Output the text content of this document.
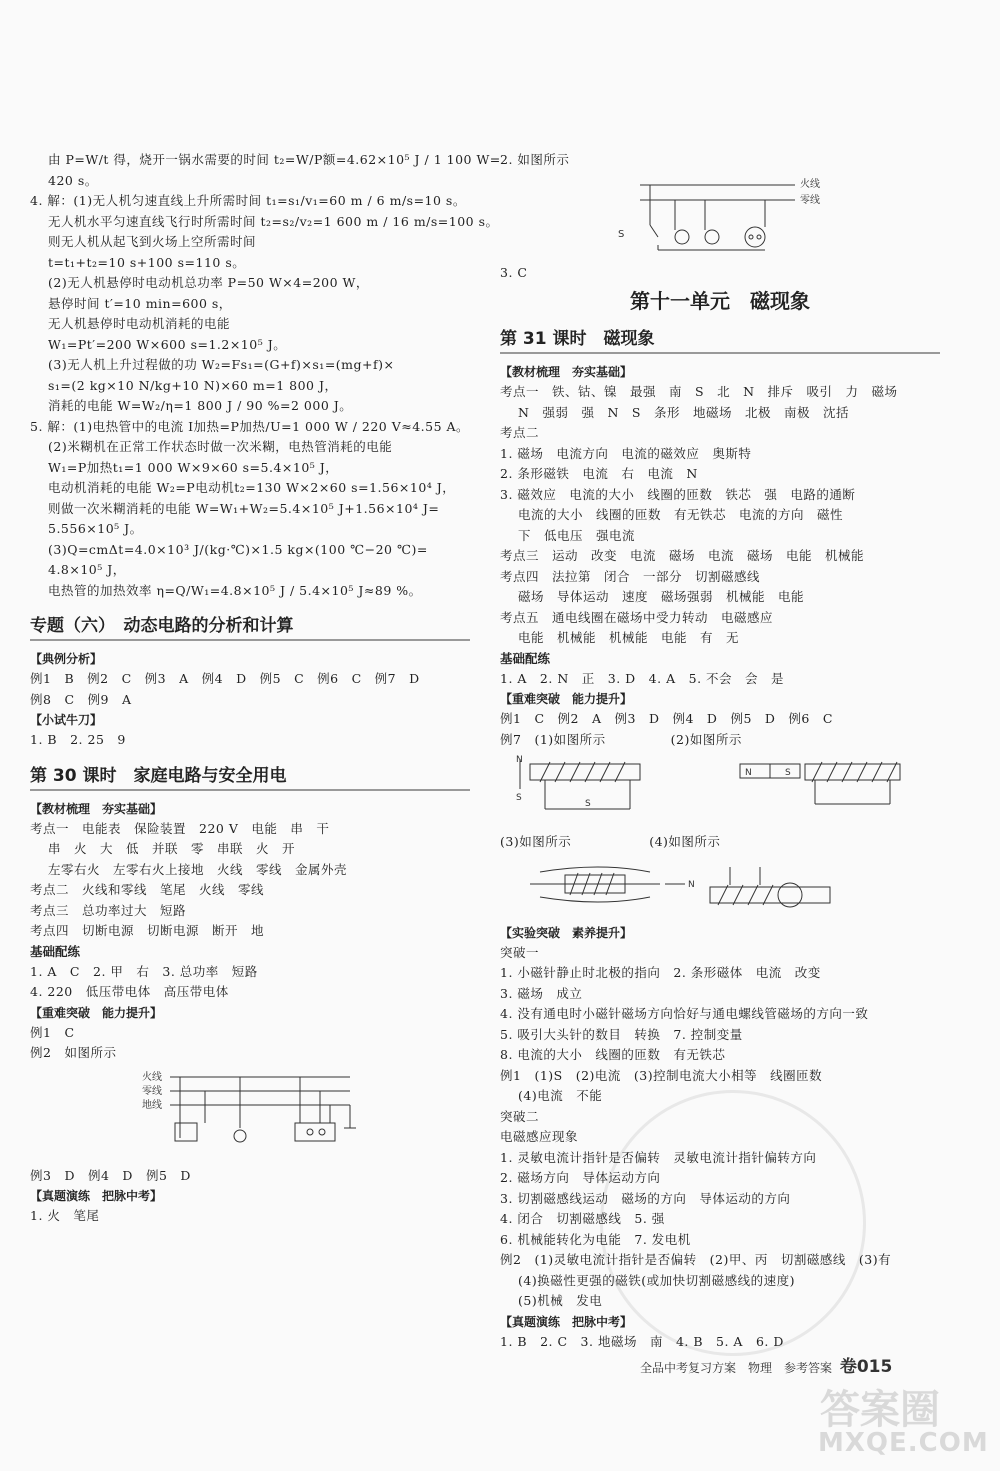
由 P=W/t 得，烧开一锅水需要的时间 t₂=W/P额=4.62×10⁵ J / 1 100 W=
420 s。
4. 解：(1)无人机匀速直线上升所需时间 t₁=s₁/v₁=60 m / 6 m/s=10 s。
无人机水平匀速直线飞行时所需时间 t₂=s₂/v₂=1 600 m / 16 m/s=100 s。
则无人机从起飞到火场上空所需时间
t=t₁+t₂=10 s+100 s=110 s。
(2)无人机悬停时电动机总功率 P=50 W×4=200 W，
悬停时间 t′=10 min=600 s，
无人机悬停时电动机消耗的电能
W₁=Pt′=200 W×600 s=1.2×10⁵ J。
(3)无人机上升过程做的功 W₂=Fs₁=(G+f)×s₁=(mg+f)×
s₁=(2 kg×10 N/kg+10 N)×60 m=1 800 J，
消耗的电能 W=W₂/η=1 800 J / 90 %=2 000 J。
5. 解：(1)电热管中的电流 I加热=P加热/U=1 000 W / 220 V≈4.55 A。
(2)米糊机在正常工作状态时做一次米糊，电热管消耗的电能
W₁=P加热t₁=1 000 W×9×60 s=5.4×10⁵ J，
电动机消耗的电能 W₂=P电动机t₂=130 W×2×60 s=1.56×10⁴ J，
则做一次米糊消耗的电能 W=W₁+W₂=5.4×10⁵ J+1.56×10⁴ J=
5.556×10⁵ J。
(3)Q=cmΔt=4.0×10³ J/(kg·℃)×1.5 kg×(100 ℃−20 ℃)=
4.8×10⁵ J，
电热管的加热效率 η=Q/W₁=4.8×10⁵ J / 5.4×10⁵ J≈89 %。
专题（六）　动态电路的分析和计算
【典例分析】
例1　B　例2　C　例3　A　例4　D　例5　C　例6　C　例7　D
例8　C　例9　A
【小试牛刀】
1. B　2. 25　9
第 30 课时　家庭电路与安全用电
【教材梳理　夯实基础】
考点一　电能表　保险装置　220 V　电能　串　干
串　火　大　低　并联　零　串联　火　开
左零右火　左零右火上接地　火线　零线　金属外壳
考点二　火线和零线　笔尾　火线　零线
考点三　总功率过大　短路
考点四　切断电源　切断电源　断开　地
基础配练
1. A　C　2. 甲　右　3. 总功率　短路
4. 220　低压带电体　高压带电体
【重难突破　能力提升】
例1　C
例2　如图所示
火线
零线
地线
例3　D　例4　D　例5　D
【真题演练　把脉中考】
1. 火　笔尾
2. 如图所示
火线
零线
S
3. C
第十一单元　磁现象
第 31 课时　磁现象
【教材梳理　夯实基础】
考点一　铁、钴、镍　最强　南　S　北　N　排斥　吸引　力　磁场
N　强弱　强　N　S　条形　地磁场　北极　南极　沈括
考点二
1. 磁场　电流方向　电流的磁效应　奥斯特
2. 条形磁铁　电流　右　电流　N
3. 磁效应　电流的大小　线圈的匝数　铁芯　强　电路的通断
电流的大小　线圈的匝数　有无铁芯　电流的方向　磁性
下　低电压　强电流
考点三　运动　改变　电流　磁场　电流　磁场　电能　机械能
考点四　法拉第　闭合　一部分　切割磁感线
磁场　导体运动　速度　磁场强弱　机械能　电能
考点五　通电线圈在磁场中受力转动　电磁感应
电能　机械能　机械能　电能　有　无
基础配练
1. A　2. N　正　3. D　4. A　5. 不会　会　是
【重难突破　能力提升】
例1　C　例2　A　例3　D　例4　D　例5　D　例6　C
例7　(1)如图所示　　　　　(2)如图所示
N
S
S
N	S
(3)如图所示　　　　　　(4)如图所示
N
【实验突破　素养提升】
突破一
1. 小磁针静止时北极的指向　2. 条形磁体　电流　改变
3. 磁场　成立
4. 没有通电时小磁针磁场方向恰好与通电螺线管磁场的方向一致
5. 吸引大头针的数目　转换　7. 控制变量
8. 电流的大小　线圈的匝数　有无铁芯
例1　(1)S　(2)电流　(3)控制电流大小相等　线圈匝数
(4)电流　不能
突破二
电磁感应现象
1. 灵敏电流计指针是否偏转　灵敏电流计指针偏转方向
2. 磁场方向　导体运动方向
3. 切割磁感线运动　磁场的方向　导体运动的方向
4. 闭合　切割磁感线　5. 强
6. 机械能转化为电能　7. 发电机
例2　(1)灵敏电流计指针是否偏转　(2)甲、丙　切割磁感线　(3)有
(4)换磁性更强的磁铁(或加快切割磁感线的速度)
(5)机械　发电
【真题演练　把脉中考】
1. B　2. C　3. 地磁场　南　4. B　5. A　6. D
全品中考复习方案　物理　参考答案 卷015
答案圈
MXQE.COM
